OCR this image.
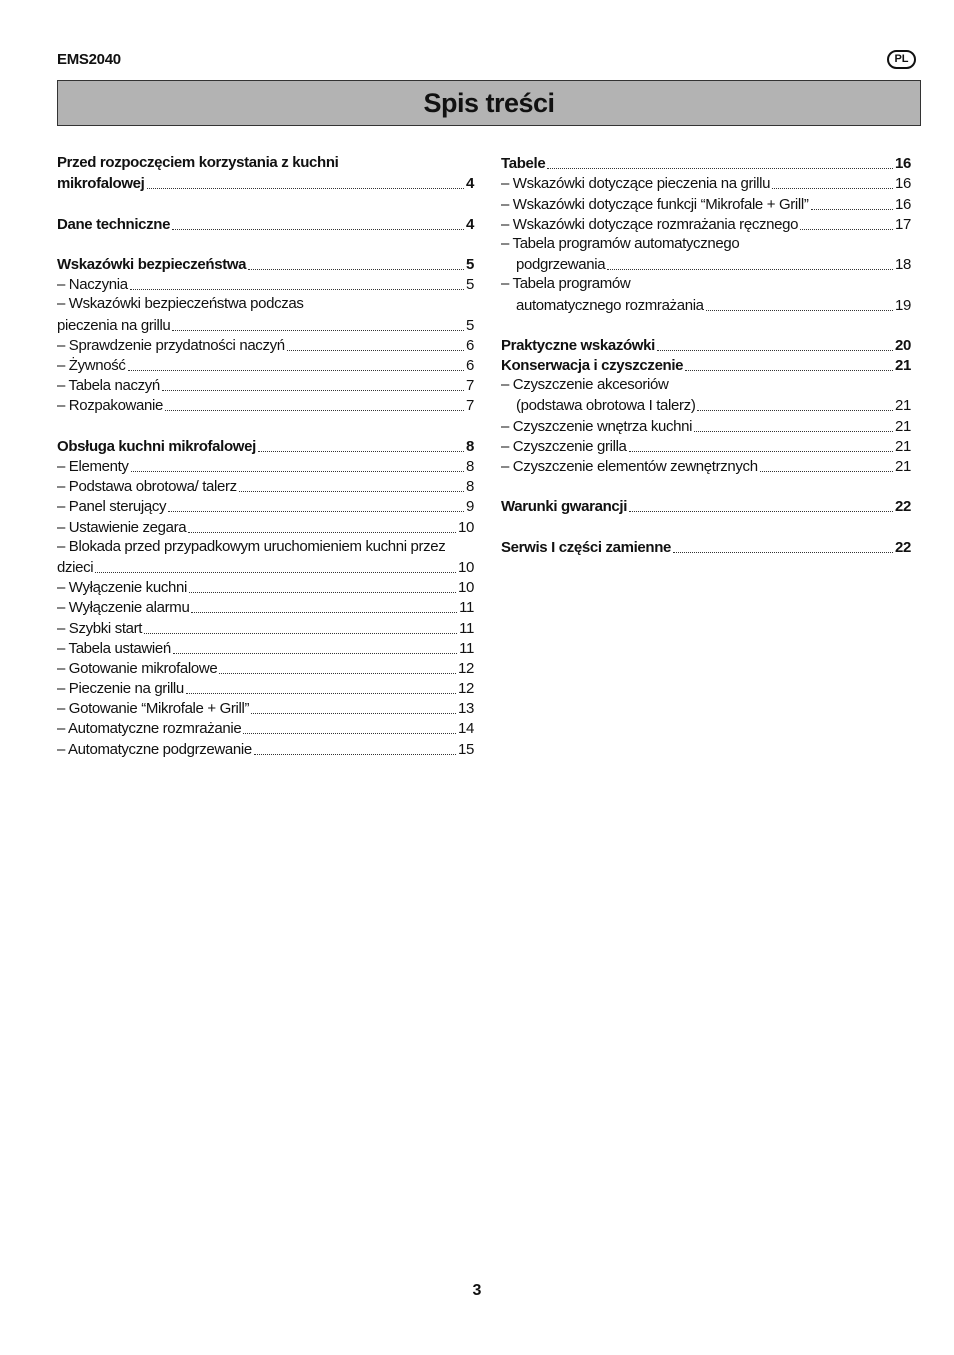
EMS2040	PL
Spis treści
Przed rozpoczęciem korzystania z kuchni
mikrofalowej	4
Dane techniczne	4
Wskazówki bezpieczeństwa	5
– Naczynia	5
– Wskazówki bezpieczeństwa podczas
pieczenia na grillu	5
– Sprawdzenie przydatności naczyń	6
– Żywność	6
– Tabela naczyń	7
– Rozpakowanie	7
Obsługa kuchni mikrofalowej	8
– Elementy	8
– Podstawa obrotowa/ talerz	8
– Panel sterujący	9
– Ustawienie zegara	10
– Blokada przed przypadkowym uruchomieniem kuchni przez
dzieci	10
– Wyłączenie kuchni	10
– Wyłączenie alarmu	11
– Szybki start	11
– Tabela ustawień	11
– Gotowanie mikrofalowe	12
– Pieczenie na grillu	12
– Gotowanie “Mikrofale + Grill”	13
– Automatyczne rozmrażanie	14
– Automatyczne podgrzewanie	15
Tabele	16
– Wskazówki dotyczące pieczenia na grillu	16
– Wskazówki dotyczące funkcji “Mikrofale + Grill”	16
– Wskazówki dotyczące rozmrażania ręcznego	17
– Tabela programów automatycznego
podgrzewania	18
– Tabela programów
automatycznego rozmrażania	19
Praktyczne wskazówki	20
Konserwacja i czyszczenie	21
– Czyszczenie akcesoriów
(podstawa obrotowa I talerz)	21
– Czyszczenie wnętrza kuchni	21
– Czyszczenie grilla	21
– Czyszczenie elementów zewnętrznych	21
Warunki gwarancji	22
Serwis I części zamienne	22
3
